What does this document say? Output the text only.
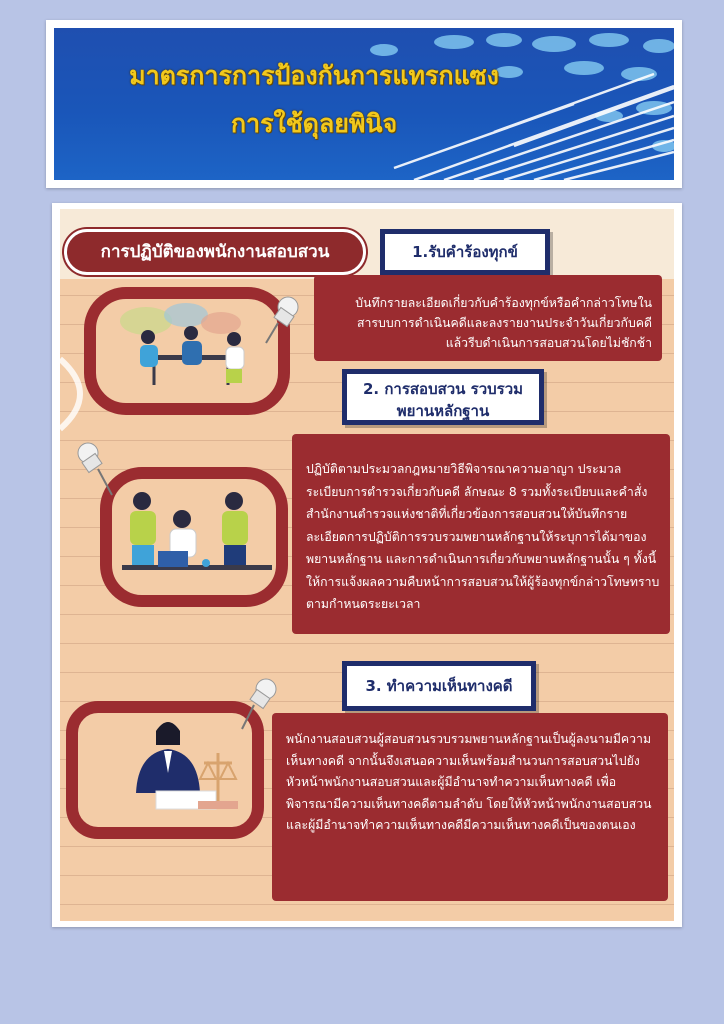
มาตรการการป้องกันการแทรกแซง
การใช้ดุลยพินิจ
การปฏิบัติของพนักงานสอบสวน	1.รับคำร้องทุกข์

บันทึกรายละเอียดเกี่ยวกับคำร้องทุกข์หรือคำกล่าวโทษในสารบบการดำเนินคดีและลงรายงานประจำวันเกี่ยวกับคดีแล้วรีบดำเนินการสอบสวนโดยไม่ชักช้า

2. การสอบสวน รวบรวม
พยานหลักฐาน

ปฏิบัติตามประมวลกฎหมายวิธีพิจารณาความอาญา ประมวลระเบียบการตำรวจเกี่ยวกับคดี ลักษณะ 8 รวมทั้งระเบียบและคำสั่งสำนักงานตำรวจแห่งชาติที่เกี่ยวข้องการสอบสวนให้บันทึกรายละเอียดการปฏิบัติการรวบรวมพยานหลักฐานให้ระบุการได้มาของพยานหลักฐาน และการดำเนินการเกี่ยวกับพยานหลักฐานนั้น ๆ ทั้งนี้ ให้การแจ้งผลความคืบหน้าการสอบสวนให้ผู้ร้องทุกข์กล่าวโทษทราบตามกำหนดระยะเวลา

3. ทำความเห็นทางคดี

พนักงานสอบสวนผู้สอบสวนรวบรวมพยานหลักฐานเป็นผู้ลงนามมีความเห็นทางคดี จากนั้นจึงเสนอความเห็นพร้อมสำนวนการสอบสวนไปยังหัวหน้าพนักงานสอบสวนและผู้มีอำนาจทำความเห็นทางคดี เพื่อพิจารณามีความเห็นทางคดีตามลำดับ โดยให้หัวหน้าพนักงานสอบสวน และผู้มีอำนาจทำความเห็นทางคดีมีความเห็นทางคดีเป็นของตนเอง
